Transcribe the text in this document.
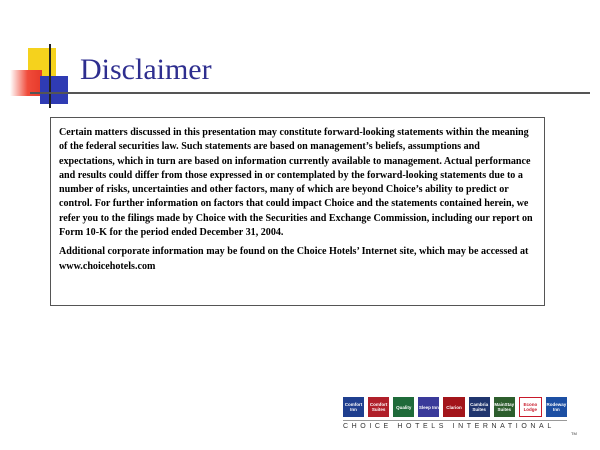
Disclaimer

Certain matters discussed in this presentation may constitute forward-looking statements within the meaning of the federal securities law. Such statements are based on management’s beliefs, assumptions and expectations, which in turn are based on information currently available to management. Actual performance and results could differ from those expressed in or contemplated by the forward-looking statements due to a number of risks, uncertainties and other factors, many of which are beyond Choice’s ability to predict or control. For further information on factors that could impact Choice and the statements contained herein, we refer you to the filings made by Choice with the Securities and Exchange Commission, including our report on Form 10-K for the period ended December 31, 2004.

Additional corporate information may be found on the Choice Hotels’ Internet site, which may be accessed at www.choicehotels.com

Comfort Inn
Comfort Suites	Quality	Sleep Inn	Clarion	Cambria Suites
MainStay Suites
Econo Lodge
Rodeway Inn
CHOICE HOTELS INTERNATIONAL
TM
